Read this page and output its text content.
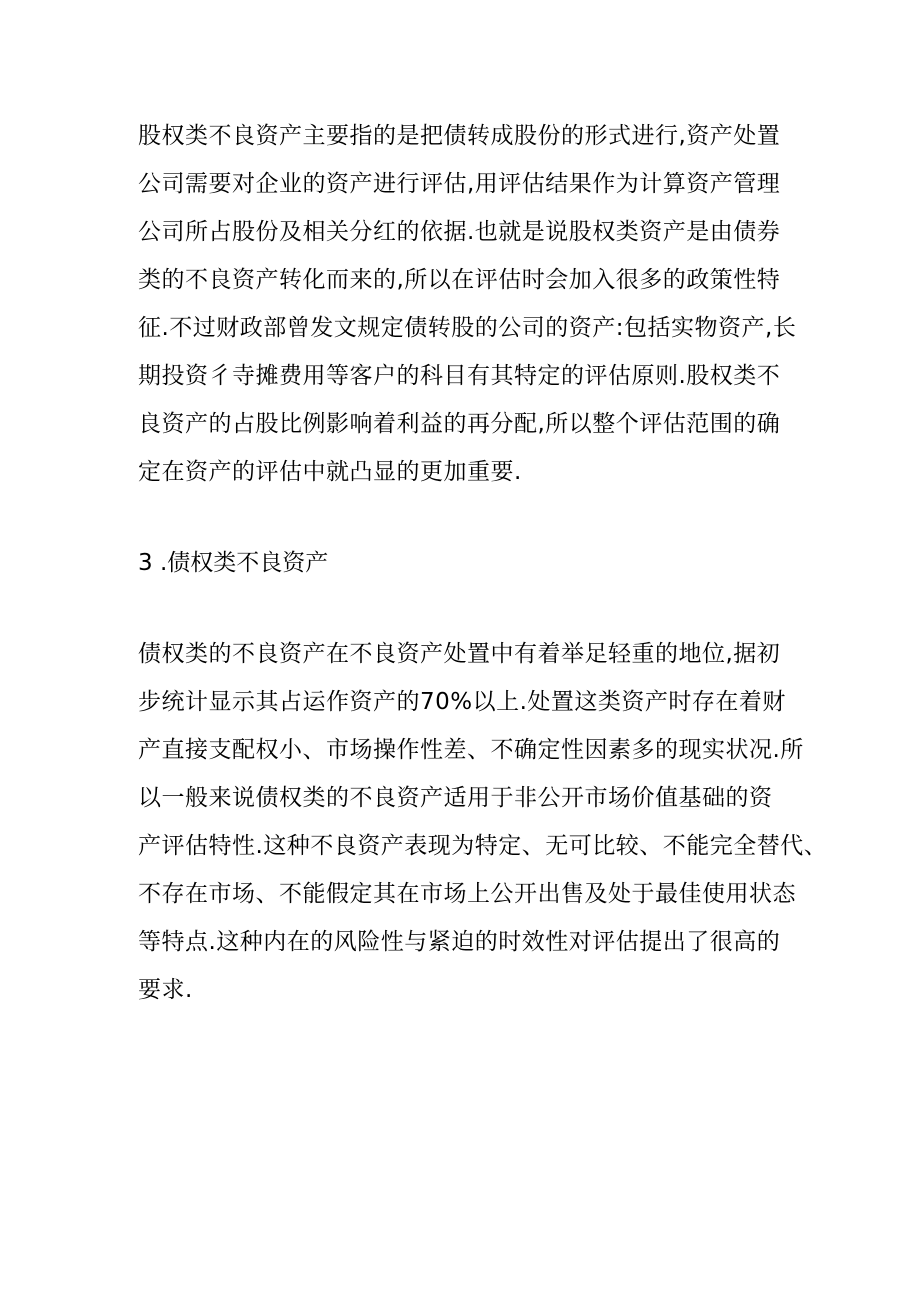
股权类不良资产主要指的是把债转成股份的形式进行,资产处置
公司需要对企业的资产进行评估,用评估结果作为计算资产管理
公司所占股份及相关分红的依据.也就是说股权类资产是由债券
类的不良资产转化而来的,所以在评估时会加入很多的政策性特
征.不过财政部曾发文规定债转股的公司的资产:包括实物资产,长
期投资彳寺摊费用等客户的科目有其特定的评估原则.股权类不
良资产的占股比例影响着利益的再分配,所以整个评估范围的确
定在资产的评估中就凸显的更加重要.
3 .债权类不良资产
债权类的不良资产在不良资产处置中有着举足轻重的地位,据初
步统计显示其占运作资产的70%以上.处置这类资产时存在着财
产直接支配权小、市场操作性差、不确定性因素多的现实状况.所
以一般来说债权类的不良资产适用于非公开市场价值基础的资
产评估特性.这种不良资产表现为特定、无可比较、不能完全替代、
不存在市场、不能假定其在市场上公开出售及处于最佳使用状态
等特点.这种内在的风险性与紧迫的时效性对评估提出了很高的
要求.
